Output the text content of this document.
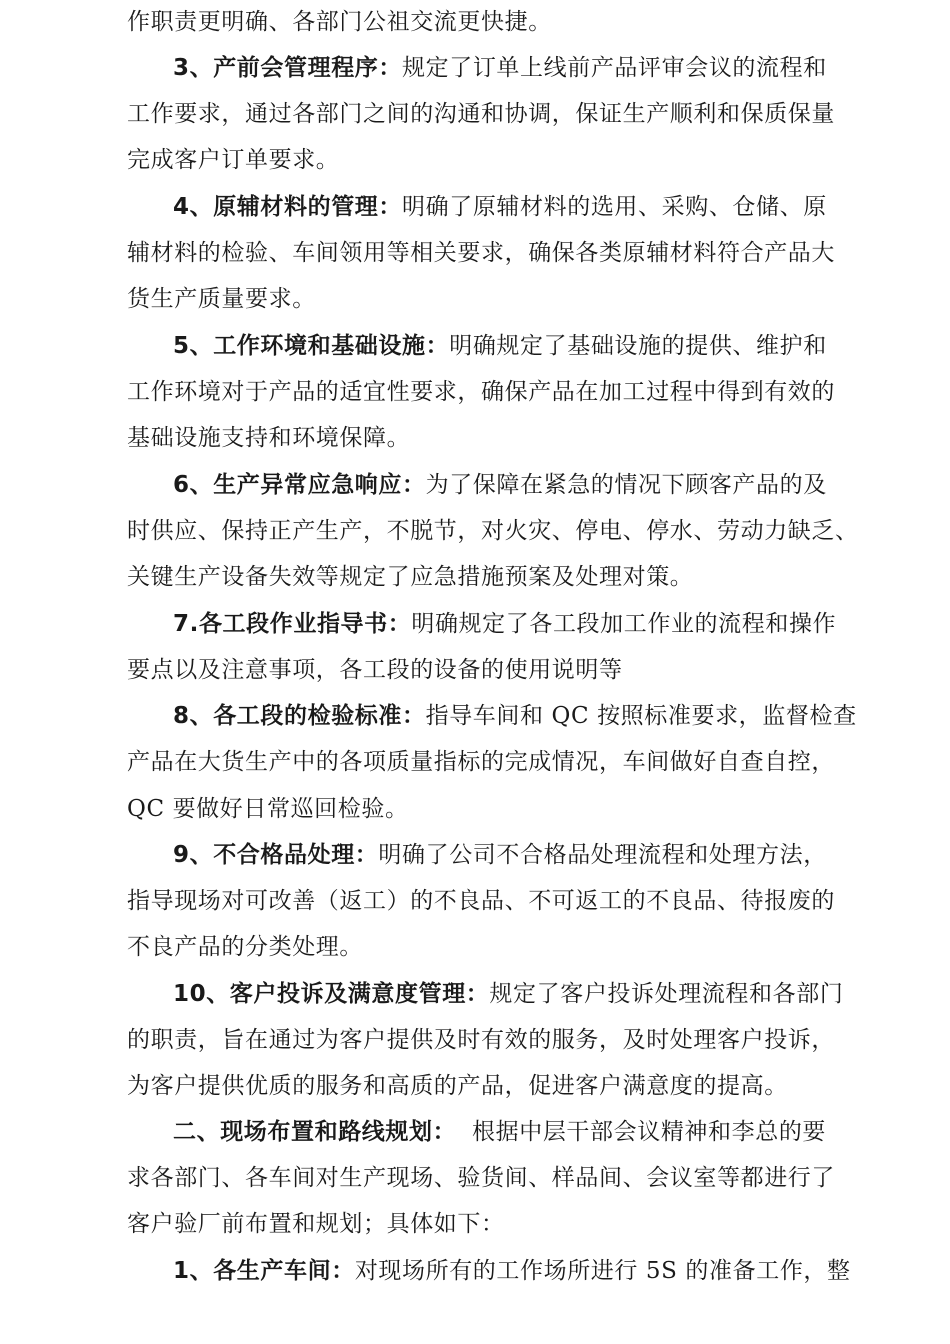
作职责更明确、各部门公祖交流更快捷。
3、产前会管理程序：规定了订单上线前产品评审会议的流程和
工作要求，通过各部门之间的沟通和协调，保证生产顺利和保质保量
完成客户订单要求。
4、原辅材料的管理：明确了原辅材料的选用、采购、仓储、原
辅材料的检验、车间领用等相关要求，确保各类原辅材料符合产品大
货生产质量要求。
5、工作环境和基础设施：明确规定了基础设施的提供、维护和
工作环境对于产品的适宜性要求，确保产品在加工过程中得到有效的
基础设施支持和环境保障。
6、生产异常应急响应：为了保障在紧急的情况下顾客产品的及
时供应、保持正产生产，不脱节，对火灾、停电、停水、劳动力缺乏、
关键生产设备失效等规定了应急措施预案及处理对策。
7.各工段作业指导书：明确规定了各工段加工作业的流程和操作
要点以及注意事项，各工段的设备的使用说明等
8、各工段的检验标准：指导车间和 QC 按照标准要求，监督检查
产品在大货生产中的各项质量指标的完成情况，车间做好自查自控，
QC 要做好日常巡回检验。
9、不合格品处理：明确了公司不合格品处理流程和处理方法，
指导现场对可改善（返工）的不良品、不可返工的不良品、待报废的
不良产品的分类处理。
10、客户投诉及满意度管理：规定了客户投诉处理流程和各部门
的职责，旨在通过为客户提供及时有效的服务，及时处理客户投诉，
为客户提供优质的服务和高质的产品，促进客户满意度的提高。
二、现场布置和路线规划：  根据中层干部会议精神和李总的要
求各部门、各车间对生产现场、验货间、样品间、会议室等都进行了
客户验厂前布置和规划；具体如下：
1、各生产车间：对现场所有的工作场所进行 5S 的准备工作，整
